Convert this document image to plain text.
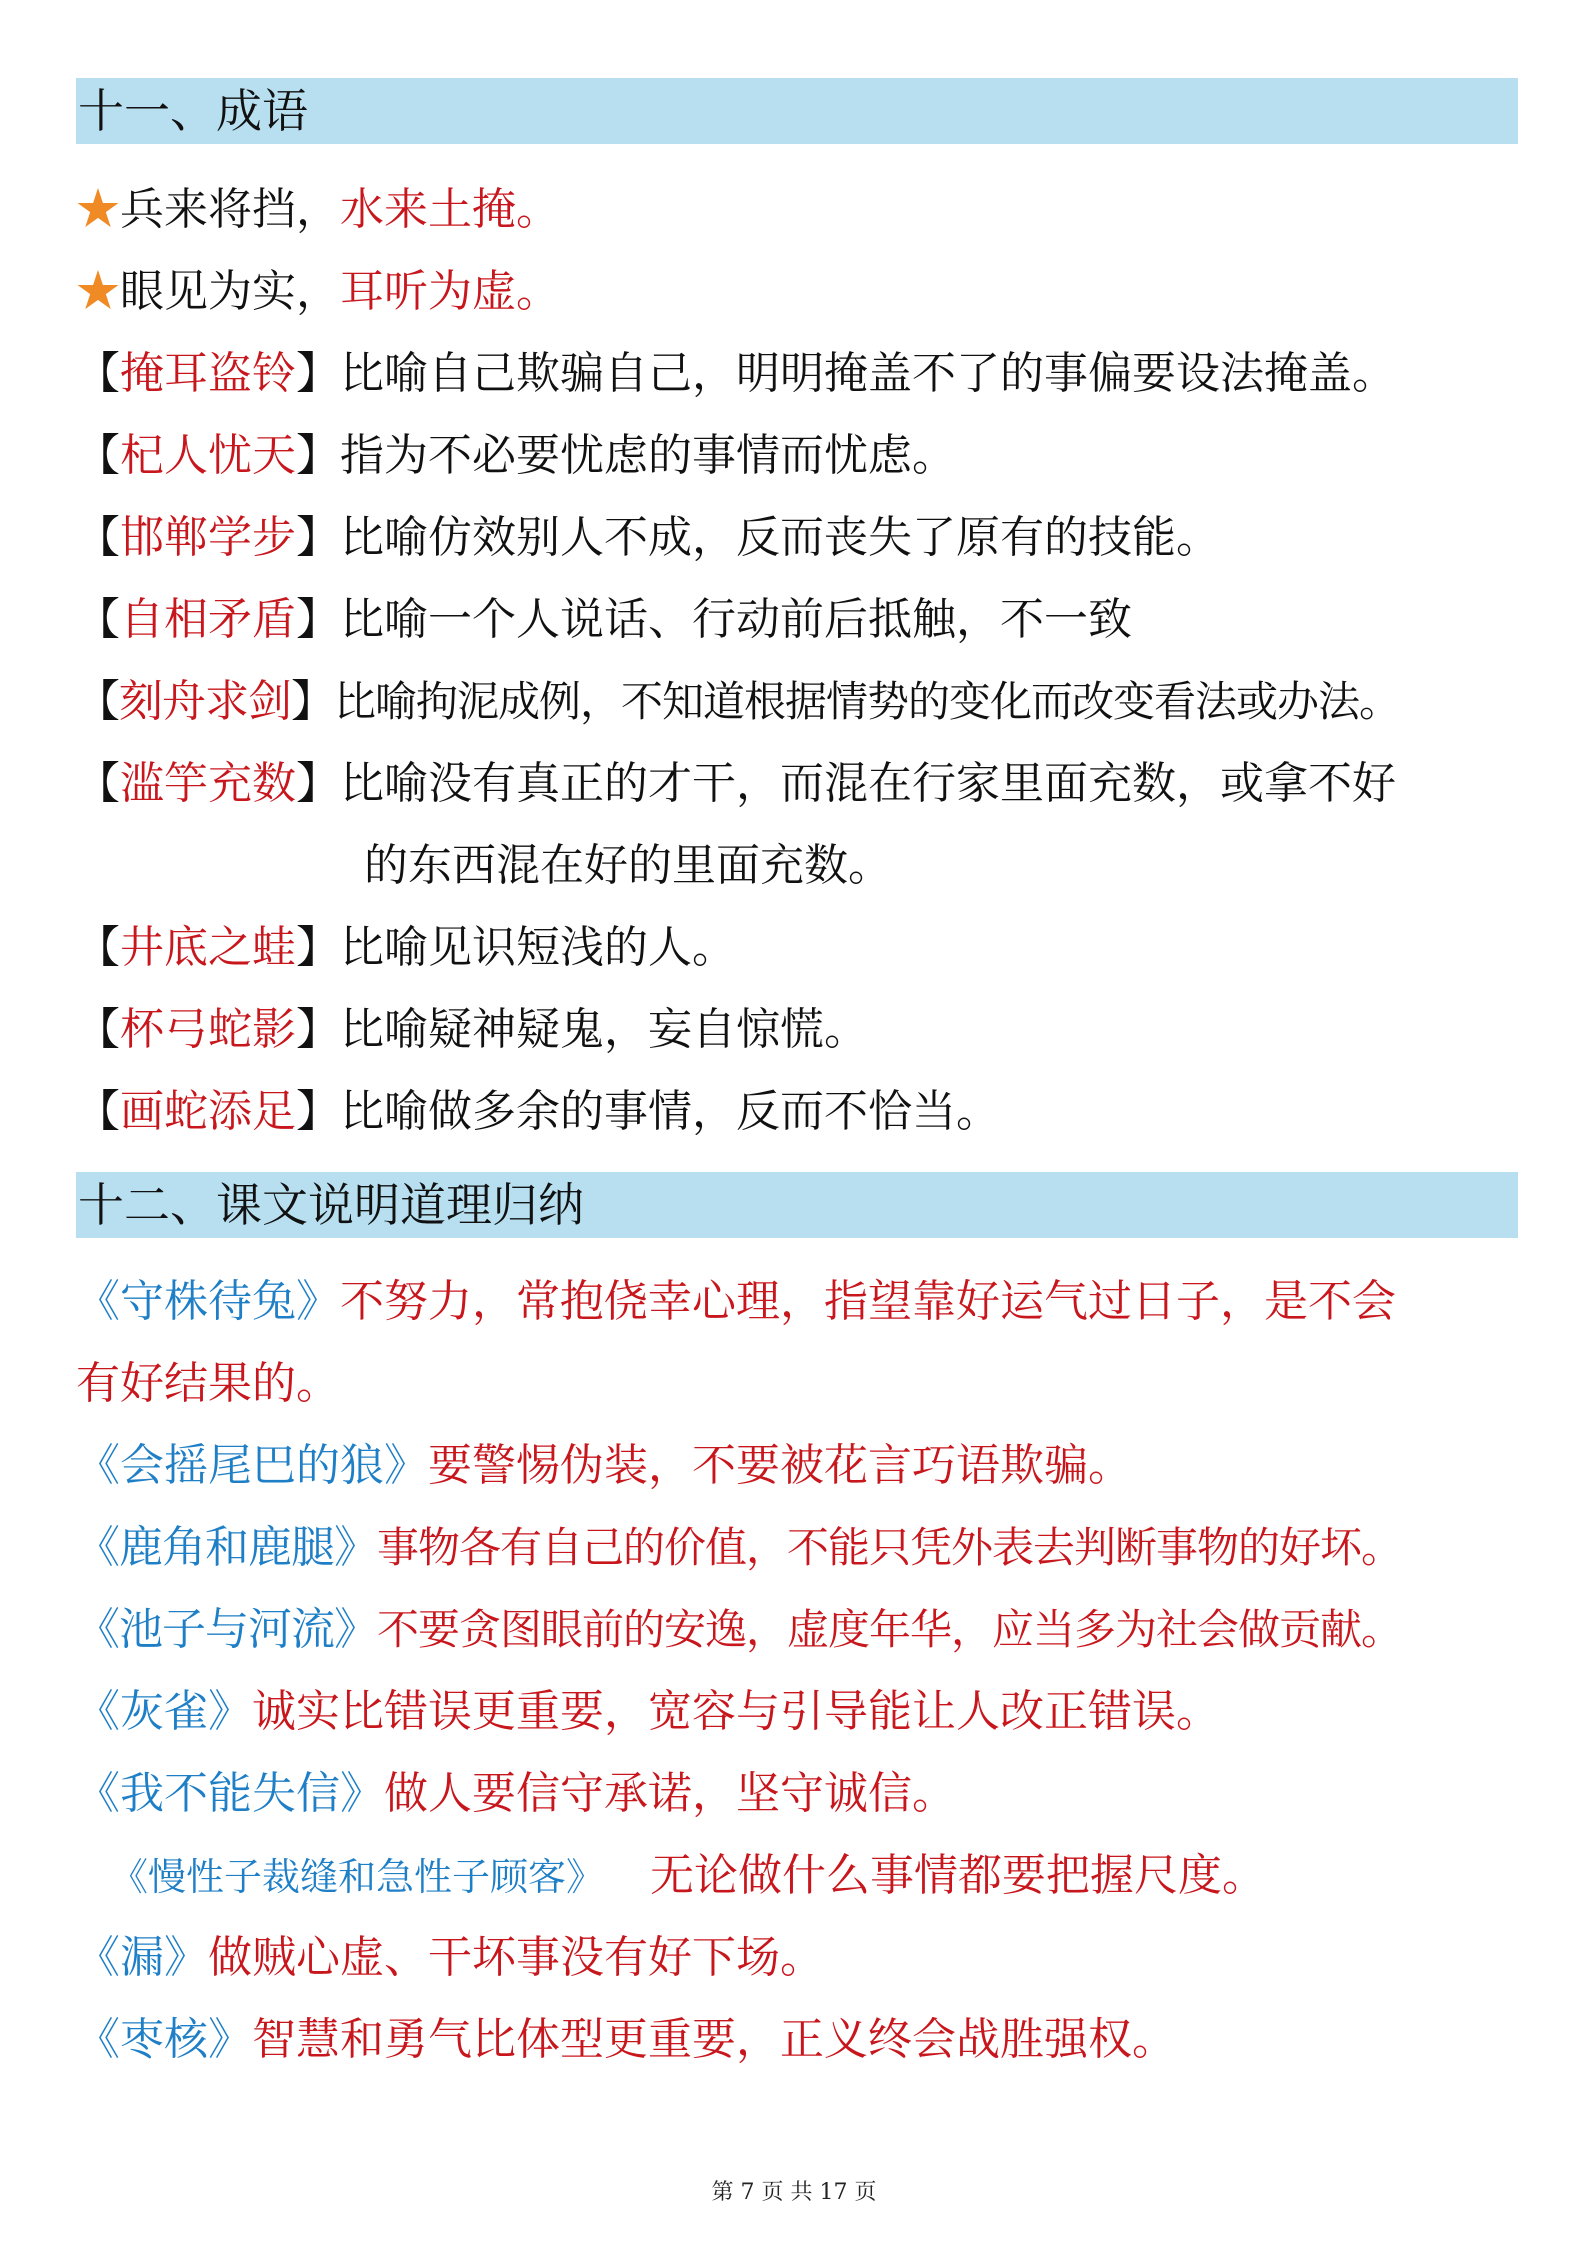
十一、成语
★兵来将挡，水来土掩。
★眼见为实，耳听为虚。
【掩耳盗铃】比喻自己欺骗自己，明明掩盖不了的事偏要设法掩盖。
【杞人忧天】指为不必要忧虑的事情而忧虑。
【邯郸学步】比喻仿效别人不成，反而丧失了原有的技能。
【自相矛盾】比喻一个人说话、行动前后抵触，不一致
【刻舟求剑】比喻拘泥成例，不知道根据情势的变化而改变看法或办法。
【滥竽充数】比喻没有真正的才干，而混在行家里面充数，或拿不好
的东西混在好的里面充数。
【井底之蛙】比喻见识短浅的人。
【杯弓蛇影】比喻疑神疑鬼，妄自惊慌。
【画蛇添足】比喻做多余的事情，反而不恰当。
十二、课文说明道理归纳
《守株待兔》不努力，常抱侥幸心理，指望靠好运气过日子，是不会
有好结果的。
《会摇尾巴的狼》要警惕伪装，不要被花言巧语欺骗。
《鹿角和鹿腿》事物各有自己的价值，不能只凭外表去判断事物的好坏。
《池子与河流》不要贪图眼前的安逸，虚度年华，应当多为社会做贡献。
《灰雀》诚实比错误更重要，宽容与引导能让人改正错误。
《我不能失信》做人要信守承诺，坚守诚信。
《慢性子裁缝和急性子顾客》 无论做什么事情都要把握尺度。
《漏》做贼心虚、干坏事没有好下场。
《枣核》智慧和勇气比体型更重要，正义终会战胜强权。
第 7 页 共 17 页
